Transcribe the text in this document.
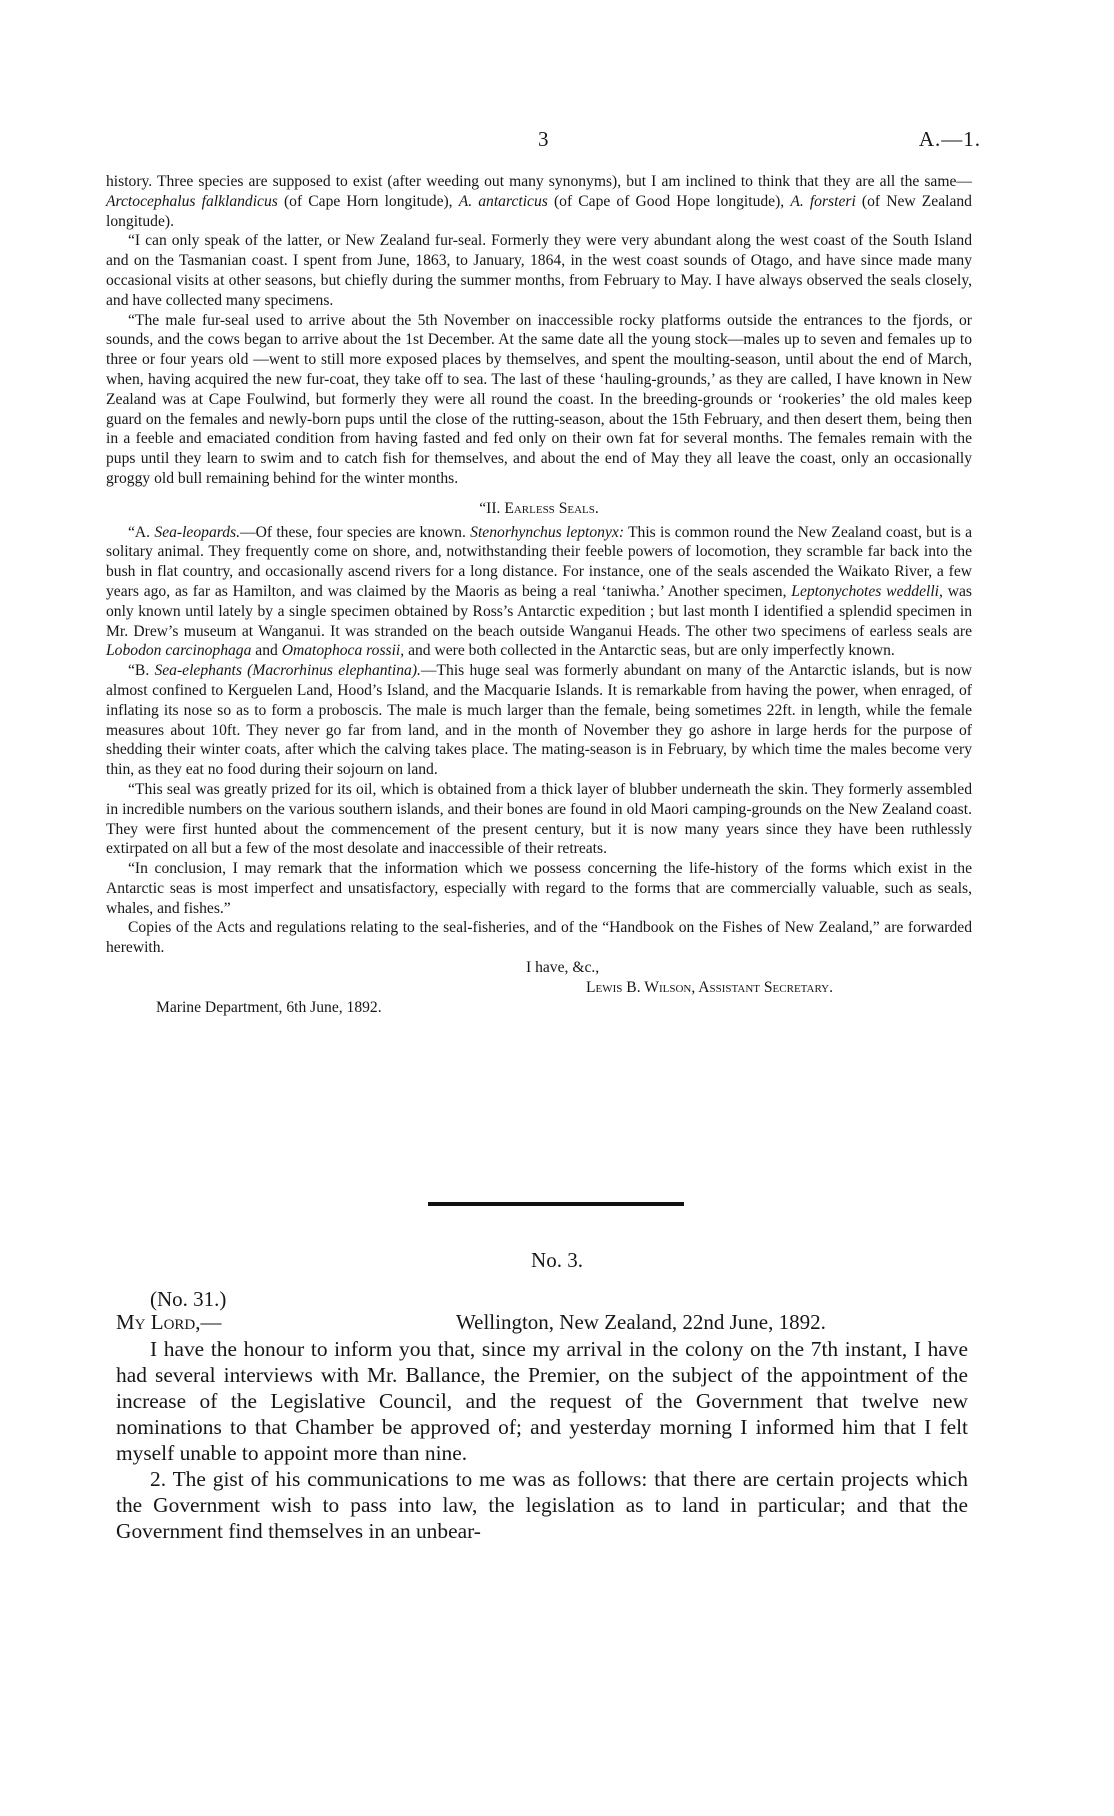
3	A.—1.

history. Three species are supposed to exist (after weeding out many synonyms), but I am inclined to think that they are all the same—Arctocephalus falklandicus (of Cape Horn longitude), A. antarcticus (of Cape of Good Hope longitude), A. forsteri (of New Zealand longitude).

“I can only speak of the latter, or New Zealand fur-seal. Formerly they were very abundant along the west coast of the South Island and on the Tasmanian coast. I spent from June, 1863, to January, 1864, in the west coast sounds of Otago, and have since made many occasional visits at other seasons, but chiefly during the summer months, from February to May. I have always observed the seals closely, and have collected many specimens.

“The male fur-seal used to arrive about the 5th November on inaccessible rocky platforms outside the entrances to the fjords, or sounds, and the cows began to arrive about the 1st December. At the same date all the young stock—males up to seven and females up to three or four years old —went to still more exposed places by themselves, and spent the moulting-season, until about the end of March, when, having acquired the new fur-coat, they take off to sea. The last of these ‘hauling-grounds,’ as they are called, I have known in New Zealand was at Cape Foulwind, but formerly they were all round the coast. In the breeding-grounds or ‘rookeries’ the old males keep guard on the females and newly-born pups until the close of the rutting-season, about the 15th February, and then desert them, being then in a feeble and emaciated condition from having fasted and fed only on their own fat for several months. The females remain with the pups until they learn to swim and to catch fish for themselves, and about the end of May they all leave the coast, only an occasionally groggy old bull remaining behind for the winter months.

“II. Earless Seals.

“A. Sea-leopards.—Of these, four species are known. Stenorhynchus leptonyx: This is common round the New Zealand coast, but is a solitary animal. They frequently come on shore, and, notwithstanding their feeble powers of locomotion, they scramble far back into the bush in flat country, and occasionally ascend rivers for a long distance. For instance, one of the seals ascended the Waikato River, a few years ago, as far as Hamilton, and was claimed by the Maoris as being a real ‘taniwha.’ Another specimen, Leptonychotes weddelli, was only known until lately by a single specimen obtained by Ross’s Antarctic expedition ; but last month I identified a splendid specimen in Mr. Drew’s museum at Wanganui. It was stranded on the beach outside Wanganui Heads. The other two specimens of earless seals are Lobodon carcinophaga and Omatophoca rossii, and were both collected in the Antarctic seas, but are only imperfectly known.

“B. Sea-elephants (Macrorhinus elephantina).—This huge seal was formerly abundant on many of the Antarctic islands, but is now almost confined to Kerguelen Land, Hood’s Island, and the Macquarie Islands. It is remarkable from having the power, when enraged, of inflating its nose so as to form a proboscis. The male is much larger than the female, being sometimes 22ft. in length, while the female measures about 10ft. They never go far from land, and in the month of November they go ashore in large herds for the purpose of shedding their winter coats, after which the calving takes place. The mating-season is in February, by which time the males become very thin, as they eat no food during their sojourn on land.

“This seal was greatly prized for its oil, which is obtained from a thick layer of blubber underneath the skin. They formerly assembled in incredible numbers on the various southern islands, and their bones are found in old Maori camping-grounds on the New Zealand coast. They were first hunted about the commencement of the present century, but it is now many years since they have been ruthlessly extirpated on all but a few of the most desolate and inaccessible of their retreats.

“In conclusion, I may remark that the information which we possess concerning the life-history of the forms which exist in the Antarctic seas is most imperfect and unsatisfactory, especially with regard to the forms that are commercially valuable, such as seals, whales, and fishes.”

Copies of the Acts and regulations relating to the seal-fisheries, and of the “Handbook on the Fishes of New Zealand,” are forwarded herewith.

I have, &c.,
Lewis B. Wilson, Assistant Secretary.
Marine Department, 6th June, 1892.
No. 3.
(No. 31.)
My Lord,—	Wellington, New Zealand, 22nd June, 1892.

I have the honour to inform you that, since my arrival in the colony on the 7th instant, I have had several interviews with Mr. Ballance, the Premier, on the subject of the appointment of the increase of the Legislative Council, and the request of the Government that twelve new nominations to that Chamber be approved of; and yesterday morning I informed him that I felt myself unable to appoint more than nine.

2. The gist of his communications to me was as follows: that there are certain projects which the Government wish to pass into law, the legislation as to land in particular; and that the Government find themselves in an unbear-
